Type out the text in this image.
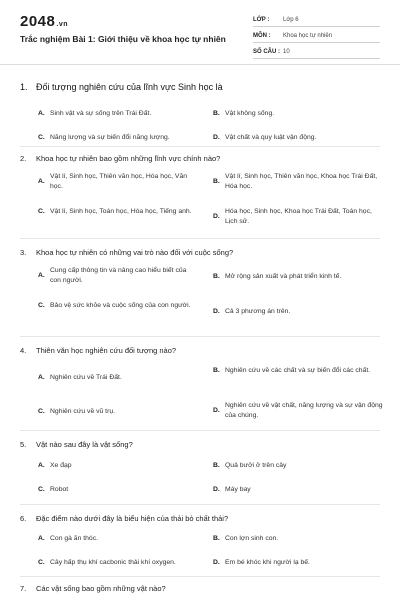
2048.vn
Trắc nghiệm Bài 1: Giới thiệu về khoa học tự nhiên
LỚP :	Lớp 6
MÔN :	Khoa học tự nhiên
SỐ CÂU : 10
1. Đối tượng nghiên cứu của lĩnh vực Sinh học là
A. Sinh vật và sự sống trên Trái Đất.	B. Vật không sống.
C. Năng lượng và sự biến đổi năng lượng.	D. Vật chất và quy luật vận động.
2.	Khoa học tự nhiên bao gồm những lĩnh vực chính nào?
A.
Vật lí, Sinh học, Thiên văn học, Hóa học, Văn học.
B.
Vật lí, Sinh học, Thiên văn học, Khoa học Trái Đất, Hóa học.
C. Vật lí, Sinh học, Toán học, Hóa học, Tiếng anh.
D.
Hóa học, Sinh học, Khoa học Trái Đất, Toán học, Lịch sử.
3.	Khoa học tự nhiên có những vai trò nào đối với cuộc sống?
A.
Cung cấp thông tin và nâng cao hiểu biết của con người.
B. Mở rộng sản xuất và phát triển kinh tế.
C. Bảo vệ sức khỏe và cuộc sống của con người.
D. Cả 3 phương án trên.
4.	Thiên văn học nghiên cứu đối tượng nào?
A. Nghiên cứu về Trái Đất.
B. Nghiên cứu về các chất và sự biến đổi các chất.
C. Nghiên cứu về vũ trụ.	D.
Nghiên cứu về vật chất, năng lượng và sự vận động của chúng.
5.	Vật nào sau đây là vật sống?
A. Xe đạp	B. Quả bưởi ở trên cây
C. Robot	D. Máy bay
6.	Đặc điểm nào dưới đây là biểu hiện của thải bỏ chất thải?
A. Con gà ăn thóc.	B. Con lợn sinh con.
C. Cây hấp thụ khí cacbonic thải khí oxygen.	D. Em bé khóc khi người lạ bế.
7.	Các vật sống bao gồm những vật nào?
